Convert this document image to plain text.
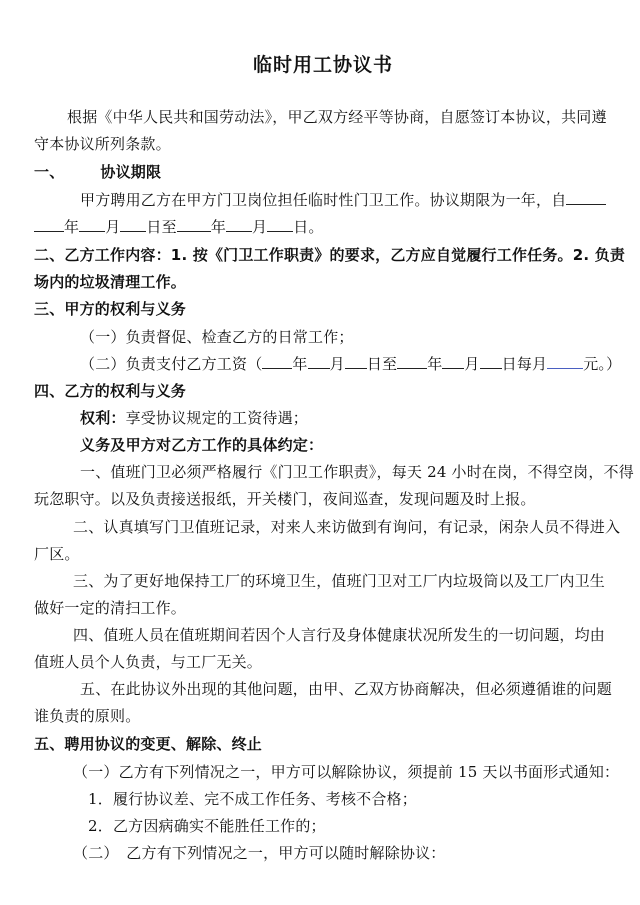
临时用工协议书
根据《中华人民共和国劳动法》，甲乙双方经平等协商，自愿签订本协议，共同遵
守本协议所列条款。
一、 协议期限
甲方聘用乙方在甲方门卫岗位担任临时性门卫工作。协议期限为一年，自
年 月 日至 年 月 日。
二、乙方工作内容：1. 按《门卫工作职责》的要求，乙方应自觉履行工作任务。2. 负责
场内的垃圾清理工作。
三、甲方的权利与义务
（一）负责督促、检查乙方的日常工作；
（二）负责支付乙方工资（ 年 月 日至 年 月 日每月 元。）
四、乙方的权利与义务
权利：享受协议规定的工资待遇；
义务及甲方对乙方工作的具体约定：
一、值班门卫必须严格履行《门卫工作职责》，每天 24 小时在岗，不得空岗，不得
玩忽职守。以及负责接送报纸，开关楼门，夜间巡查，发现问题及时上报。
二、认真填写门卫值班记录，对来人来访做到有询问，有记录，闲杂人员不得进入
厂区。
三、为了更好地保持工厂的环境卫生，值班门卫对工厂内垃圾筒以及工厂内卫生
做好一定的清扫工作。
四、值班人员在值班期间若因个人言行及身体健康状况所发生的一切问题，均由
值班人员个人负责，与工厂无关。
五、在此协议外出现的其他问题，由甲、乙双方协商解决，但必须遵循谁的问题
谁负责的原则。
五、聘用协议的变更、解除、终止
（一）乙方有下列情况之一，甲方可以解除协议，须提前 15 天以书面形式通知：
1．履行协议差、完不成工作任务、考核不合格；
2．乙方因病确实不能胜任工作的；
（二）　乙方有下列情况之一，甲方可以随时解除协议：
